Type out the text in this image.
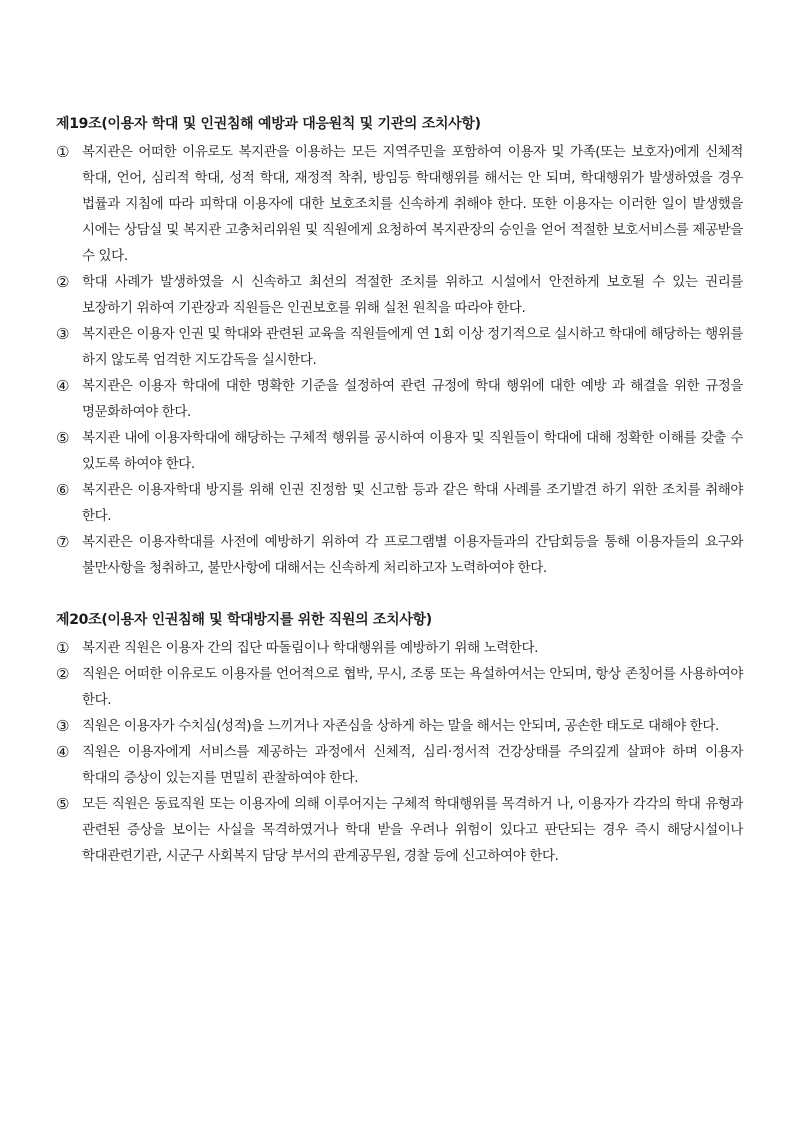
제19조(이용자 학대 및 인권침해 예방과 대응원칙 및 기관의 조치사항)
① 복지관은 어떠한 이유로도 복지관을 이용하는 모든 지역주민을 포함하여 이용자 및 가족(또는 보호자)에게 신체적 학대, 언어, 심리적 학대, 성적 학대, 재정적 착취, 방임등 학대행위를 해서는 안 되며, 학대행위가 발생하였을 경우 법률과 지침에 따라 피학대 이용자에 대한 보호조치를 신속하게 취해야 한다. 또한 이용자는 이러한 일이 발생했을 시에는 상담실 및 복지관 고충처리위원 및 직원에게 요청하여 복지관장의 승인을 얻어 적절한 보호서비스를 제공받을 수 있다.
② 학대 사례가 발생하였을 시 신속하고 최선의 적절한 조치를 위하고 시설에서 안전하게 보호될 수 있는 권리를 보장하기 위하여 기관장과 직원들은 인권보호를 위해 실천 원칙을 따라야 한다.
③ 복지관은 이용자 인권 및 학대와 관련된 교육을 직원들에게 연 1회 이상 정기적으로 실시하고 학대에 해당하는 행위를 하지 않도록 엄격한 지도감독을 실시한다.
④ 복지관은 이용자 학대에 대한 명확한 기준을 설정하여 관련 규정에 학대 행위에 대한 예방 과 해결을 위한 규정을 명문화하여야 한다.
⑤ 복지관 내에 이용자학대에 해당하는 구체적 행위를 공시하여 이용자 및 직원들이 학대에 대해 정확한 이해를 갖출 수 있도록 하여야 한다.
⑥ 복지관은 이용자학대 방지를 위해 인권 진정함 및 신고함 등과 같은 학대 사례를 조기발견 하기 위한 조치를 취해야 한다.
⑦ 복지관은 이용자학대를 사전에 예방하기 위하여 각 프로그램별 이용자들과의 간담회등을 통해 이용자들의 요구와 불만사항을 청취하고, 불만사항에 대해서는 신속하게 처리하고자 노력하여야 한다.
제20조(이용자 인권침해 및 학대방지를 위한 직원의 조치사항)
① 복지관 직원은 이용자 간의 집단 따돌림이나 학대행위를 예방하기 위해 노력한다.
② 직원은 어떠한 이유로도 이용자를 언어적으로 협박, 무시, 조롱 또는 욕설하여서는 안되며, 항상 존칭어를 사용하여야 한다.
③ 직원은 이용자가 수치심(성적)을 느끼거나 자존심을 상하게 하는 말을 해서는 안되며, 공손한 태도로 대해야 한다.
④ 직원은 이용자에게 서비스를 제공하는 과정에서 신체적, 심리·정서적 건강상태를 주의깊게 살펴야 하며 이용자 학대의 증상이 있는지를 면밀히 관찰하여야 한다.
⑤ 모든 직원은 동료직원 또는 이용자에 의해 이루어지는 구체적 학대행위를 목격하거 나, 이용자가 각각의 학대 유형과 관련된 증상을 보이는 사실을 목격하였거나 학대 받을 우려나 위험이 있다고 판단되는 경우 즉시 해당시설이나 학대관련기관, 시군구 사회복지 담당 부서의 관계공무원, 경찰 등에 신고하여야 한다.
